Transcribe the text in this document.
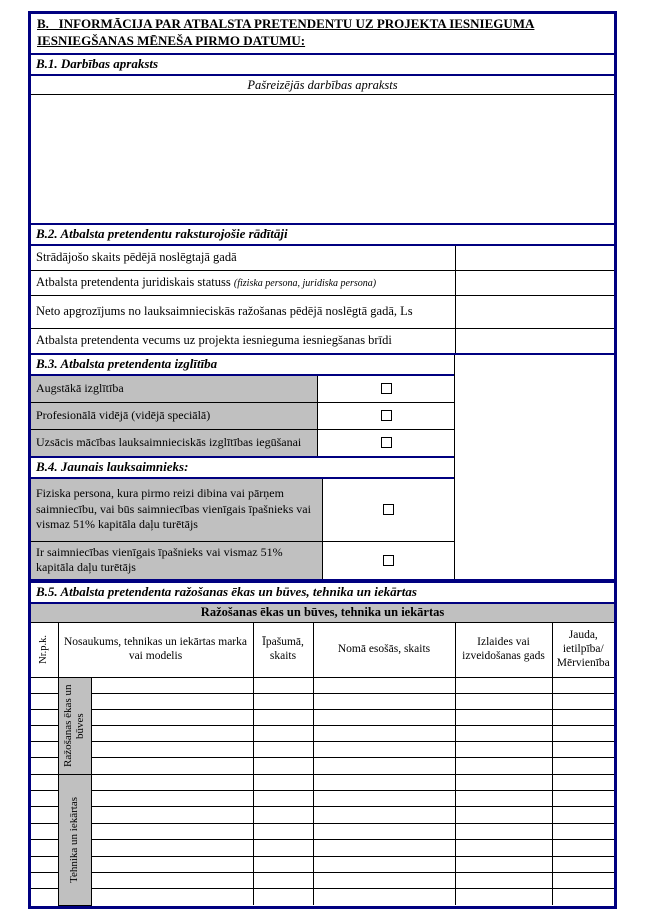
B.   INFORMĀCIJA PAR ATBALSTA PRETENDENTU UZ PROJEKTA IESNIEGUMA IESNIEGŠANAS MĒNEŠA PIRMO DATUMU:
B.1. Darbības apraksts
Pašreizējās darbības apraksts
B.2. Atbalsta pretendentu raksturojošie rādītāji
Strādājošo skaits pēdējā noslēgtajā gadā	
Atbalsta pretendenta juridiskais statuss (fiziska persona, juridiska persona)	
Neto apgrozījums no lauksaimnieciskās ražošanas pēdējā noslēgtā gadā, Ls	
Atbalsta pretendenta vecums uz projekta iesnieguma iesniegšanas brīdi	
B.3. Atbalsta pretendenta izglītība
Augstākā izglītība
Profesionālā vidējā (vidējā speciālā)
Uzsācis mācības lauksaimnieciskās izglītības iegūšanai
B.4. Jaunais lauksaimnieks:
Fiziska persona, kura pirmo reizi dibina vai pārņem saimniecību, vai būs saimniecības vienīgais īpašnieks vai vismaz 51% kapitāla daļu turētājs
Ir saimniecības vienīgais īpašnieks vai vismaz 51% kapitāla daļu turētājs
B.5. Atbalsta pretendenta ražošanas ēkas un būves, tehnika un iekārtas
Ražošanas ēkas un būves, tehnika un iekārtas						

Nr.p.k.	Nosaukums, tehnikas un iekārtas marka vai modelis		Īpašumā, skaits	Nomā esošās, skaits	Izlaides vai izveidošanas gads	Jauda, ietilpība/ Mērvienība

	Ražošanas ēkas un būves					

	Tehnika un iekārtas					
